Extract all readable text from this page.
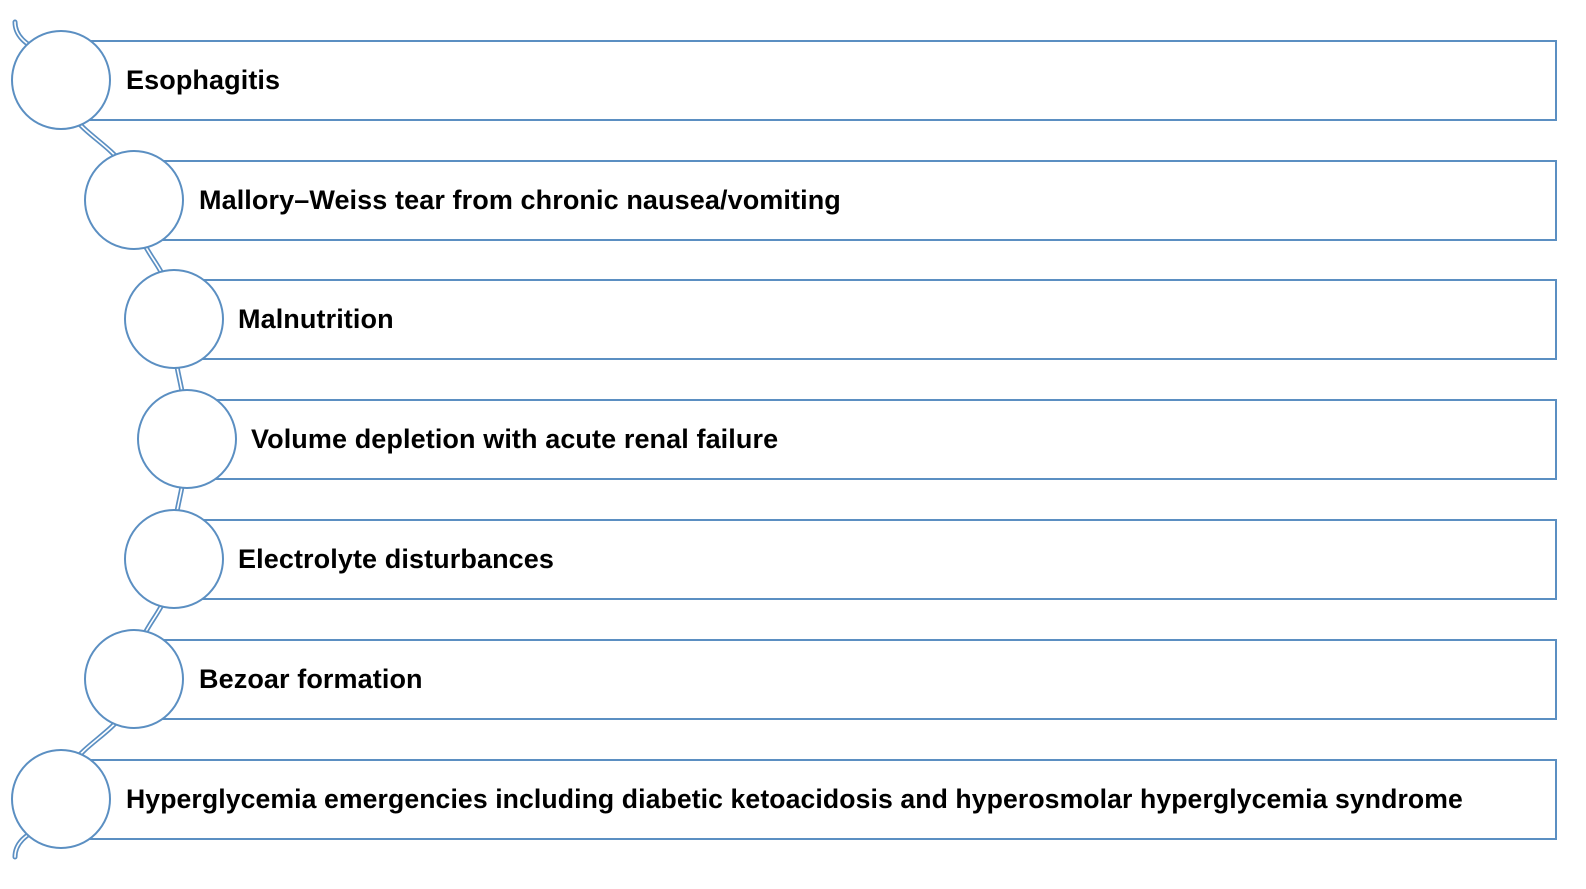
Esophagitis
Mallory–Weiss tear from chronic nausea/vomiting
Malnutrition
Volume depletion with acute renal failure
Electrolyte disturbances
Bezoar formation
Hyperglycemia emergencies including diabetic ketoacidosis and hyperosmolar hyperglycemia syndrome
